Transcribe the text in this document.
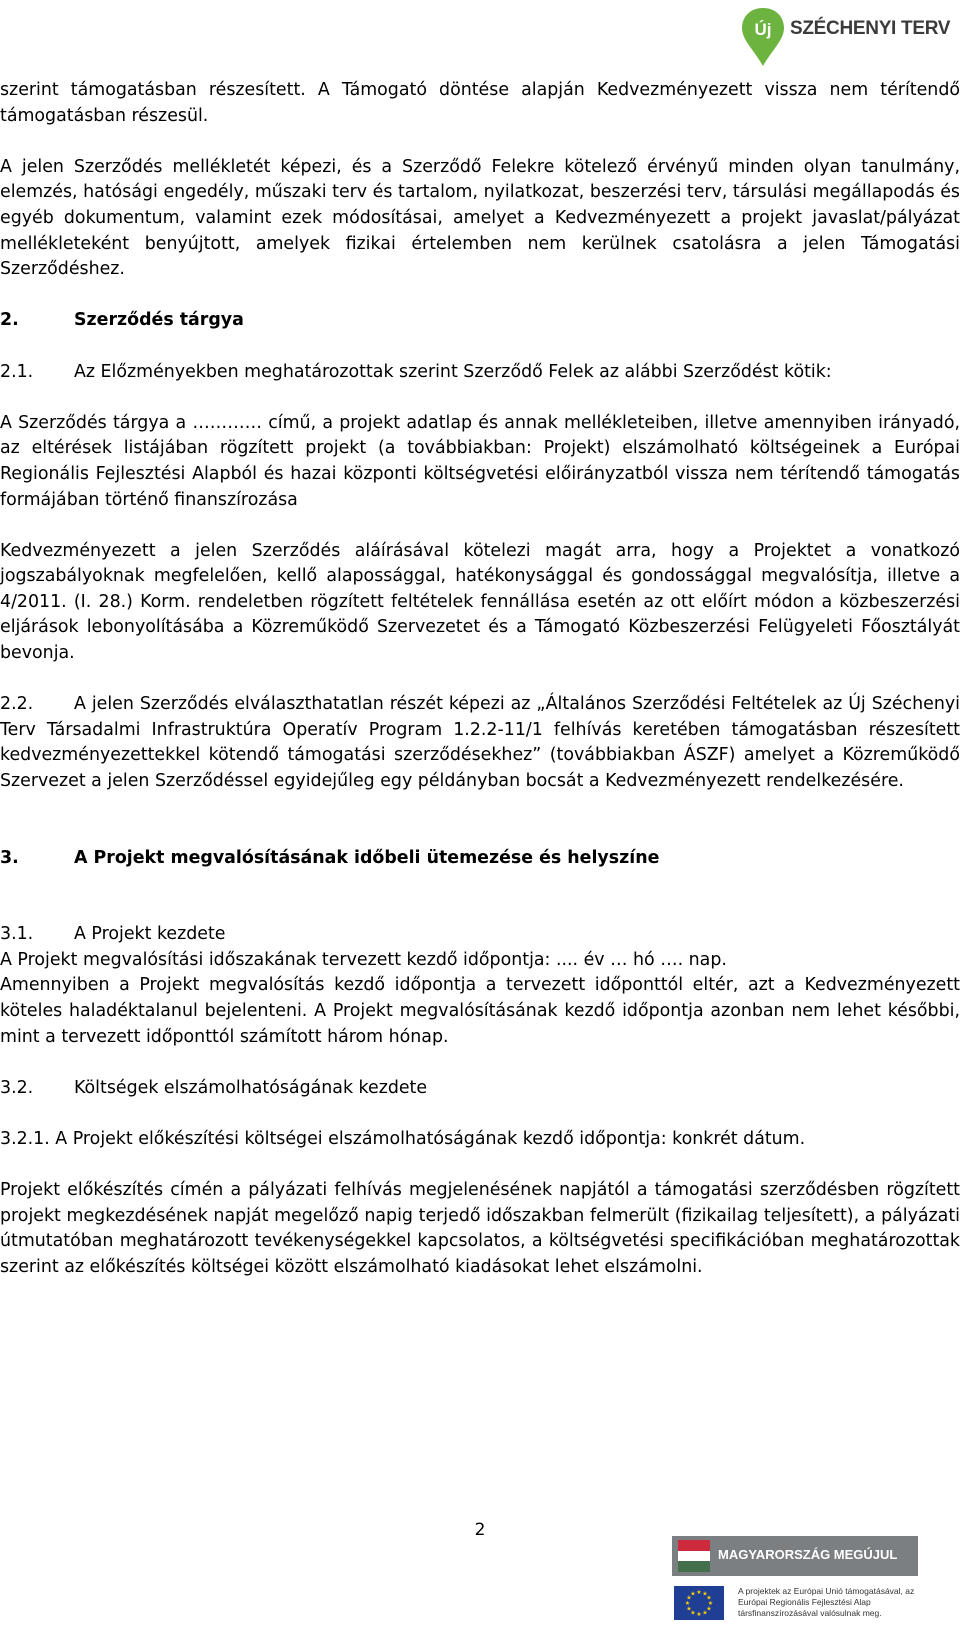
Új SZÉCHENYI TERV

szerint támogatásban részesített. A Támogató döntése alapján Kedvezményezett vissza nem térítendő támogatásban részesül.

A jelen Szerződés mellékletét képezi, és a Szerződő Felekre kötelező érvényű minden olyan tanulmány, elemzés, hatósági engedély, műszaki terv és tartalom, nyilatkozat, beszerzési terv, társulási megállapodás és egyéb dokumentum, valamint ezek módosításai, amelyet a Kedvezményezett a projekt javaslat/pályázat mellékleteként benyújtott, amelyek fizikai értelemben nem kerülnek csatolásra a jelen Támogatási Szerződéshez.

2.	Szerződés tárgya

2.1. Az Előzményekben meghatározottak szerint Szerződő Felek az alábbi Szerződést kötik:

A Szerződés tárgya a ………… című, a projekt adatlap és annak mellékleteiben, illetve amennyiben irányadó, az eltérések listájában rögzített projekt (a továbbiakban: Projekt) elszámolható költségeinek a Európai Regionális Fejlesztési Alapból és hazai központi költségvetési előirányzatból vissza nem térítendő támogatás formájában történő finanszírozása

Kedvezményezett a jelen Szerződés aláírásával kötelezi magát arra, hogy a Projektet a vonatkozó jogszabályoknak megfelelően, kellő alapossággal, hatékonysággal és gondossággal megvalósítja, illetve a 4/2011. (I. 28.) Korm. rendeletben rögzített feltételek fennállása esetén az ott előírt módon a közbeszerzési eljárások lebonyolításába a Közreműködő Szervezetet és a Támogató Közbeszerzési Felügyeleti Főosztályát bevonja.

2.2. A jelen Szerződés elválaszthatatlan részét képezi az „Általános Szerződési Feltételek az Új Széchenyi Terv Társadalmi Infrastruktúra Operatív Program 1.2.2-11/1 felhívás keretében támogatásban részesített kedvezményezettekkel kötendő támogatási szerződésekhez” (továbbiakban ÁSZF) amelyet a Közreműködő Szervezet a jelen Szerződéssel egyidejűleg egy példányban bocsát a Kedvezményezett rendelkezésére.

3.	A Projekt megvalósításának időbeli ütemezése és helyszíne

3.1. A Projekt kezdete

A Projekt megvalósítási időszakának tervezett kezdő időpontja: .... év … hó …. nap.

Amennyiben a Projekt megvalósítás kezdő időpontja a tervezett időponttól eltér, azt a Kedvezményezett köteles haladéktalanul bejelenteni. A Projekt megvalósításának kezdő időpontja azonban nem lehet későbbi, mint a tervezett időponttól számított három hónap.

3.2. Költségek elszámolhatóságának kezdete

3.2.1. A Projekt előkészítési költségei elszámolhatóságának kezdő időpontja: konkrét dátum.

Projekt előkészítés címén a pályázati felhívás megjelenésének napjától a támogatási szerződésben rögzített projekt megkezdésének napját megelőző napig terjedő időszakban felmerült (fizikailag teljesített), a pályázati útmutatóban meghatározott tevékenységekkel kapcsolatos, a költségvetési specifikációban meghatározottak szerint az előkészítés költségei között elszámolható kiadásokat lehet elszámolni.

2
MAGYARORSZÁG MEGÚJUL
★ ★
★
★
★
★
★
★
★
★
★
★	A projektek az Európai Unió támogatásával, az Európai Regionális Fejlesztési Alap társfinanszírozásával valósulnak meg.
